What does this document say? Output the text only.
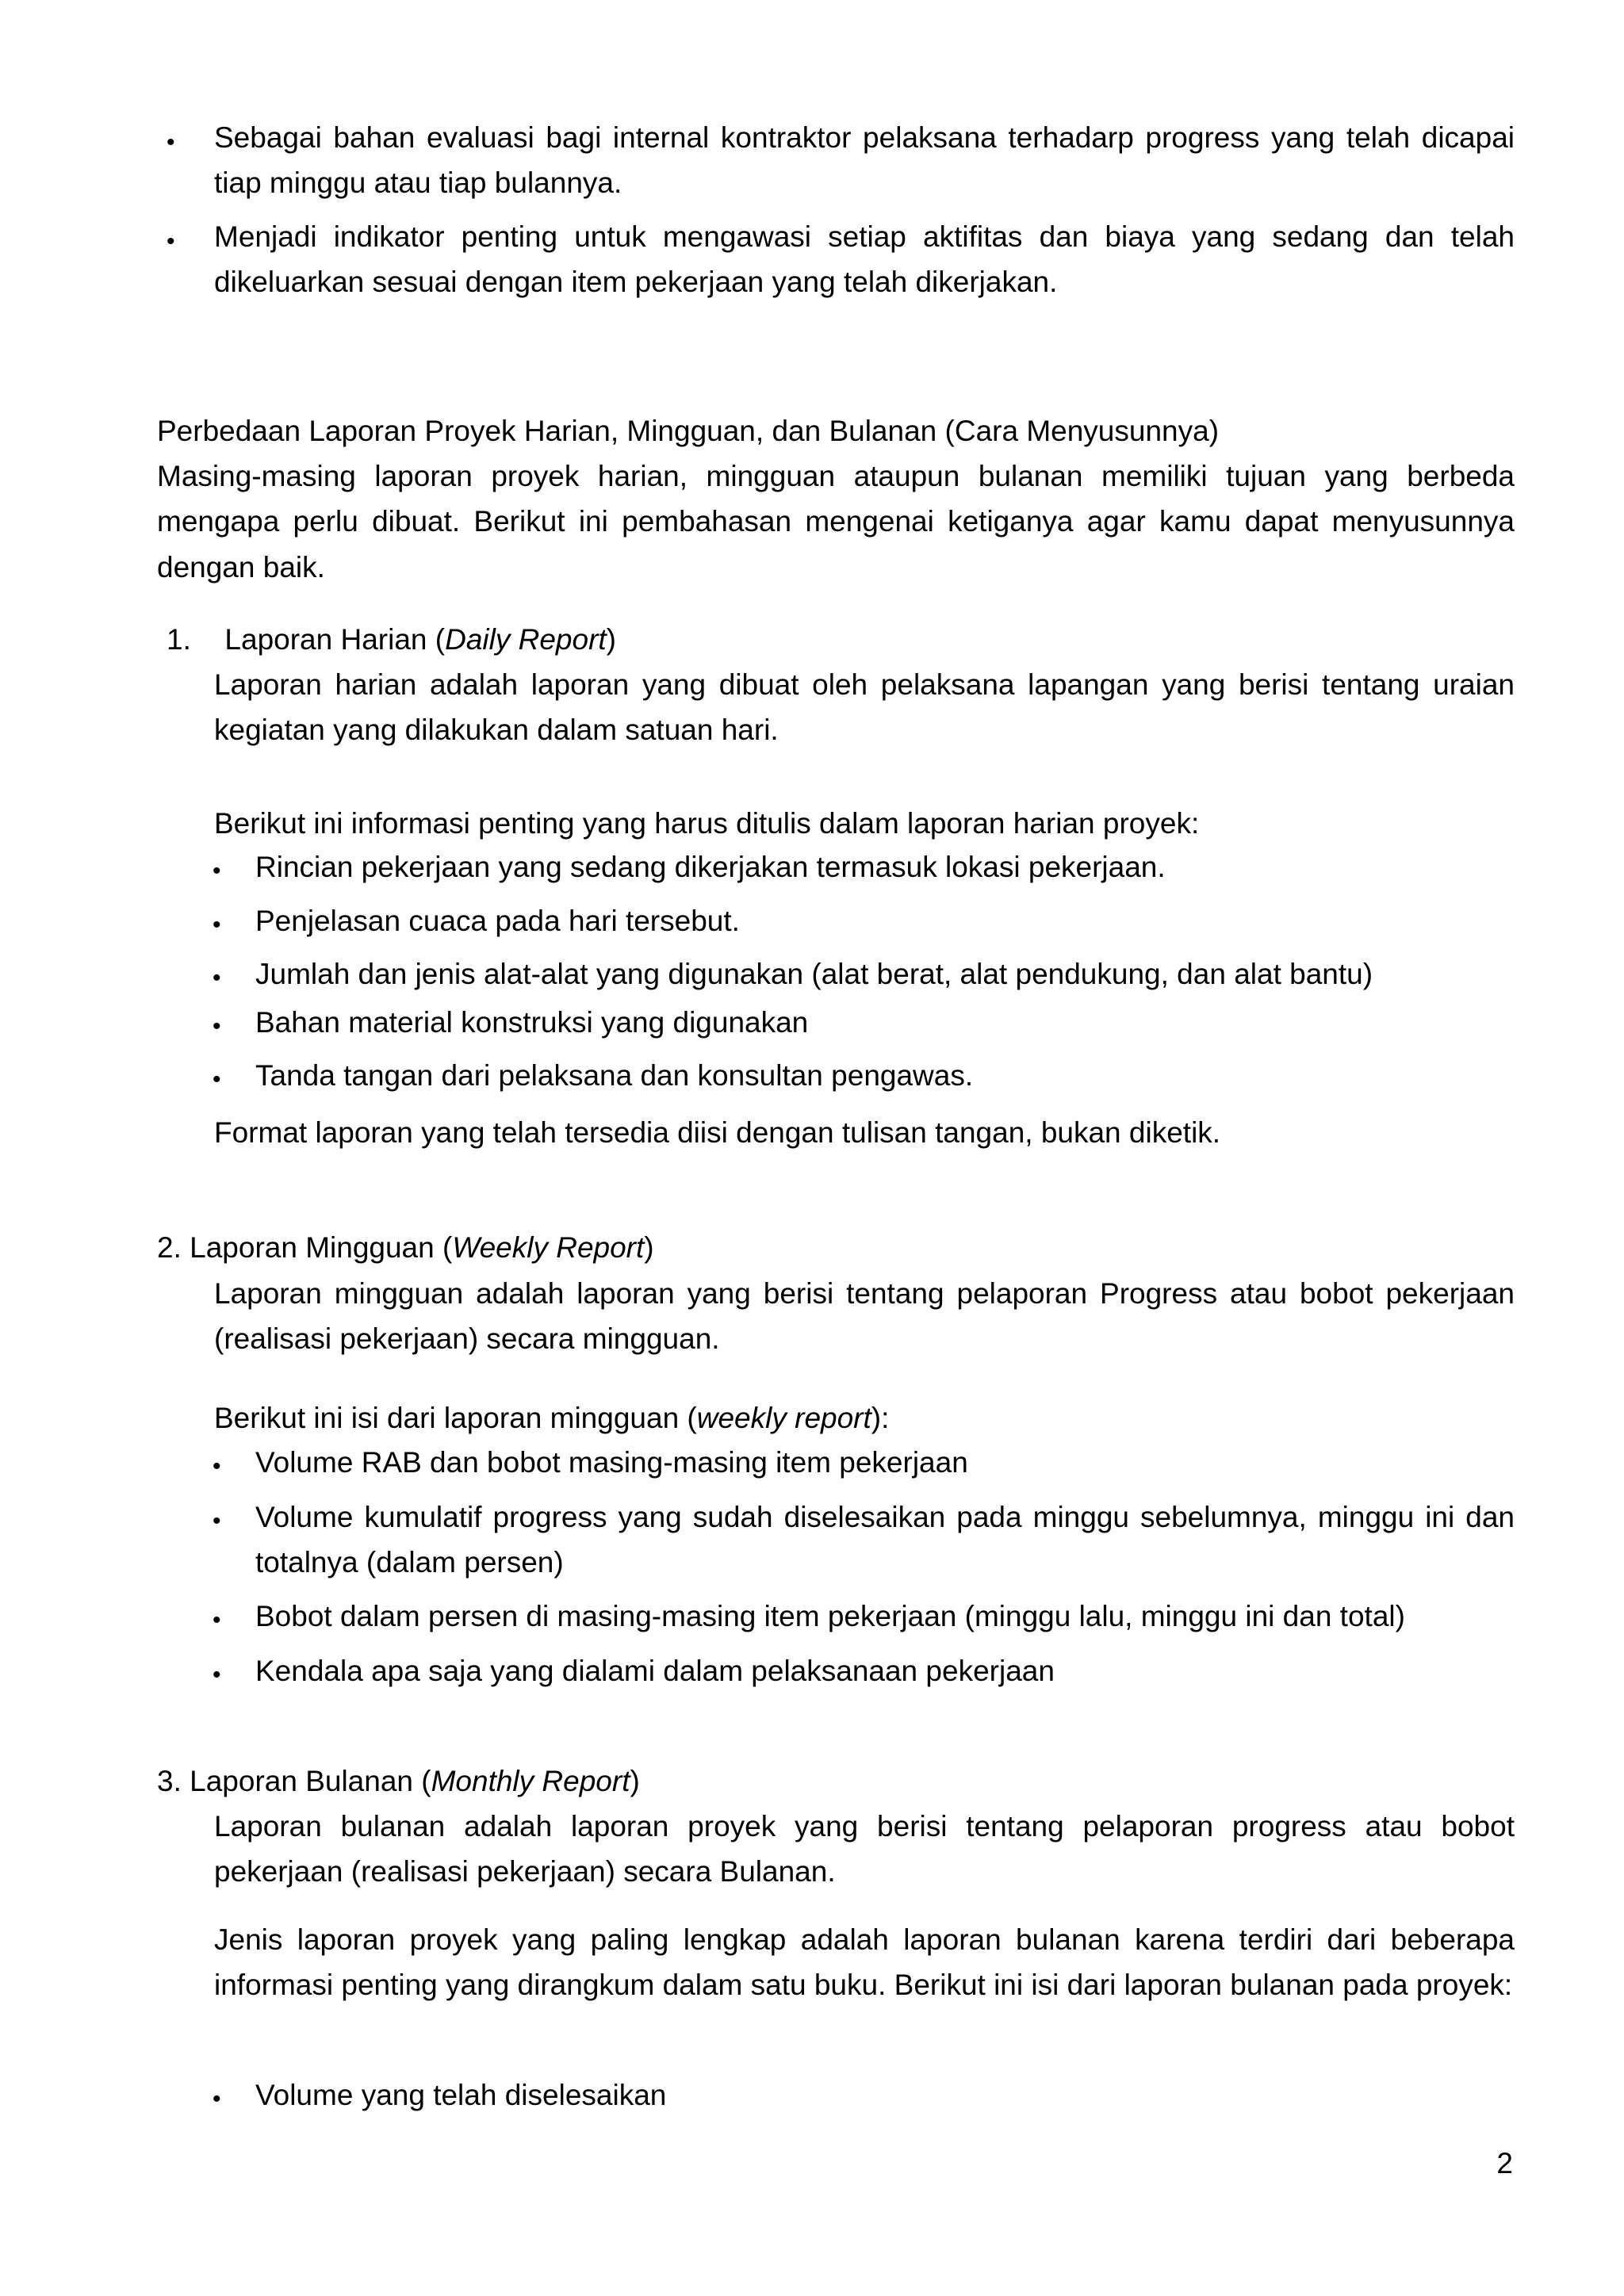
• Sebagai bahan evaluasi bagi internal kontraktor pelaksana terhadarp progress yang telah dicapai tiap minggu atau tiap bulannya.
• Menjadi indikator penting untuk mengawasi setiap aktifitas dan biaya yang sedang dan telah dikeluarkan sesuai dengan item pekerjaan yang telah dikerjakan.
Perbedaan Laporan Proyek Harian, Mingguan, dan Bulanan (Cara Menyusunnya)
Masing-masing laporan proyek harian, mingguan ataupun bulanan memiliki tujuan yang berbeda mengapa perlu dibuat. Berikut ini pembahasan mengenai ketiganya agar kamu dapat menyusunnya dengan baik.
1. Laporan Harian (Daily Report)
Laporan harian adalah laporan yang dibuat oleh pelaksana lapangan yang berisi tentang uraian kegiatan yang dilakukan dalam satuan hari.
Berikut ini informasi penting yang harus ditulis dalam laporan harian proyek:
• Rincian pekerjaan yang sedang dikerjakan termasuk lokasi pekerjaan.
• Penjelasan cuaca pada hari tersebut.
• Jumlah dan jenis alat-alat yang digunakan (alat berat, alat pendukung, dan alat bantu)
• Bahan material konstruksi yang digunakan
• Tanda tangan dari pelaksana dan konsultan pengawas.
Format laporan yang telah tersedia diisi dengan tulisan tangan, bukan diketik.
2. Laporan Mingguan (Weekly Report)
Laporan mingguan adalah laporan yang berisi tentang pelaporan Progress atau bobot pekerjaan (realisasi pekerjaan) secara mingguan.
Berikut ini isi dari laporan mingguan (weekly report):
• Volume RAB dan bobot masing-masing item pekerjaan
• Volume kumulatif progress yang sudah diselesaikan pada minggu sebelumnya, minggu ini dan totalnya (dalam persen)
• Bobot dalam persen di masing-masing item pekerjaan (minggu lalu, minggu ini dan total)
• Kendala apa saja yang dialami dalam pelaksanaan pekerjaan
3. Laporan Bulanan (Monthly Report)
Laporan bulanan adalah laporan proyek yang berisi tentang pelaporan progress atau bobot pekerjaan (realisasi pekerjaan) secara Bulanan.
Jenis laporan proyek yang paling lengkap adalah laporan bulanan karena terdiri dari beberapa informasi penting yang dirangkum dalam satu buku. Berikut ini isi dari laporan bulanan pada proyek:
• Volume yang telah diselesaikan
2
